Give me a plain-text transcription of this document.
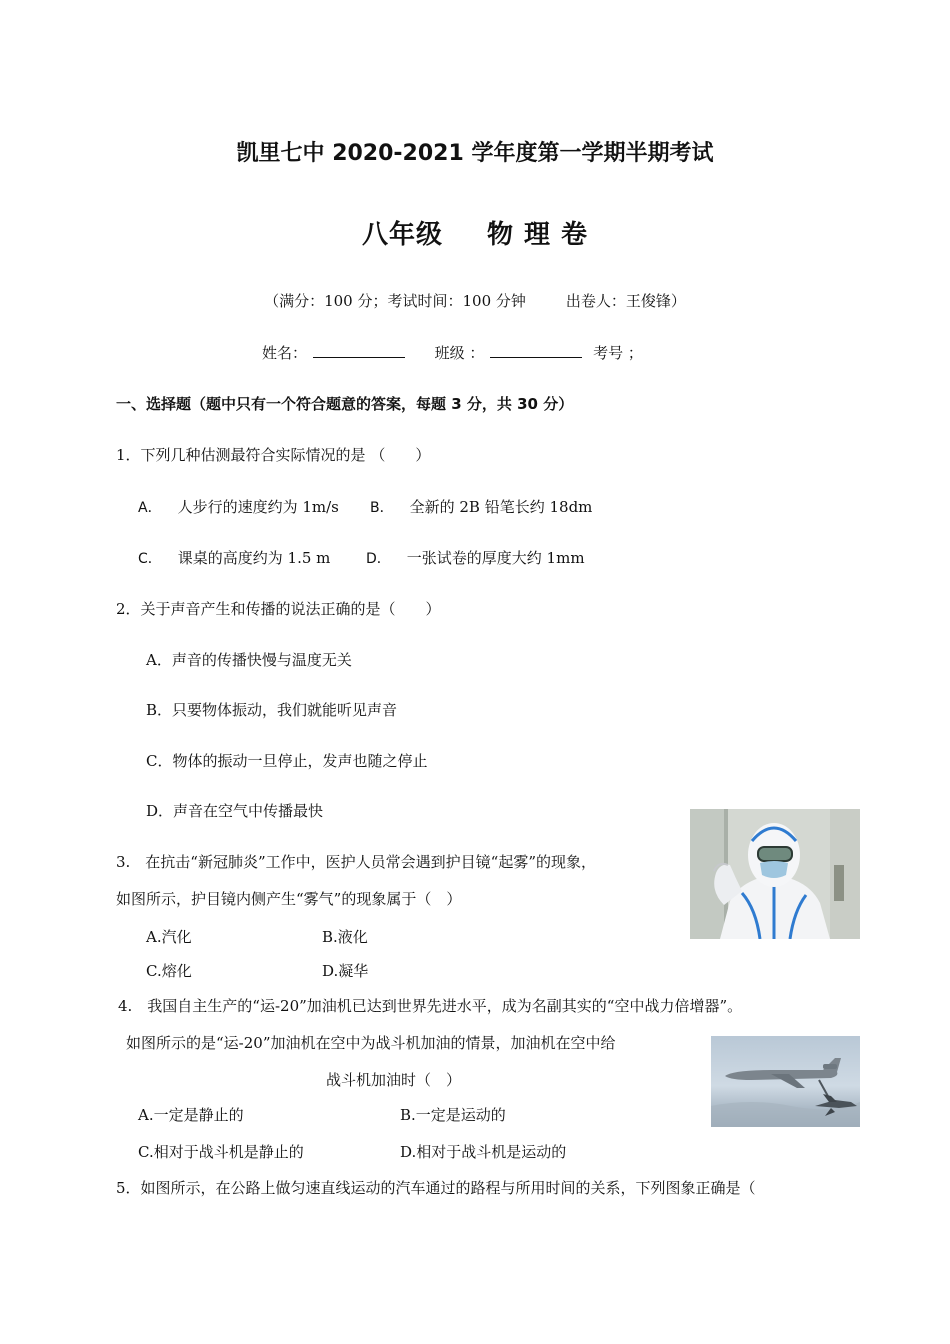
凯里七中 2020-2021 学年度第一学期半期考试
八年级 物 理 卷
（满分：100 分；考试时间：100 分钟	出卷人：王俊锋）
姓名：	班级 ：	考号 ；
一、选择题（题中只有一个符合题意的答案，每题 3 分，共 30 分）
1．下列几种估测最符合实际情况的是 （　　）
A． 人步行的速度约为 1m/s B． 全新的 2B 铅笔长约 18dm
C． 课桌的高度约为 1.5 m	D． 一张试卷的厚度大约 1mm
2．关于声音产生和传播的说法正确的是（　　）
A．声音的传播快慢与温度无关
B．只要物体振动，我们就能听见声音
C．物体的振动一旦停止，发声也随之停止
D．声音在空气中传播最快
3.　在抗击“新冠肺炎”工作中，医护人员常会遇到护目镜“起雾”的现象，
如图所示，护目镜内侧产生“雾气”的现象属于（　）
A.汽化	B.液化
C.熔化	D.凝华
4.　我国自主生产的“运-20”加油机已达到世界先进水平，成为名副其实的“空中战力倍增器”。
如图所示的是“运-20”加油机在空中为战斗机加油的情景，加油机在空中给
战斗机加油时（　）
A.一定是静止的	B.一定是运动的
C.相对于战斗机是静止的	D.相对于战斗机是运动的
5．如图所示，在公路上做匀速直线运动的汽车通过的路程与所用时间的关系，下列图象正确是（
